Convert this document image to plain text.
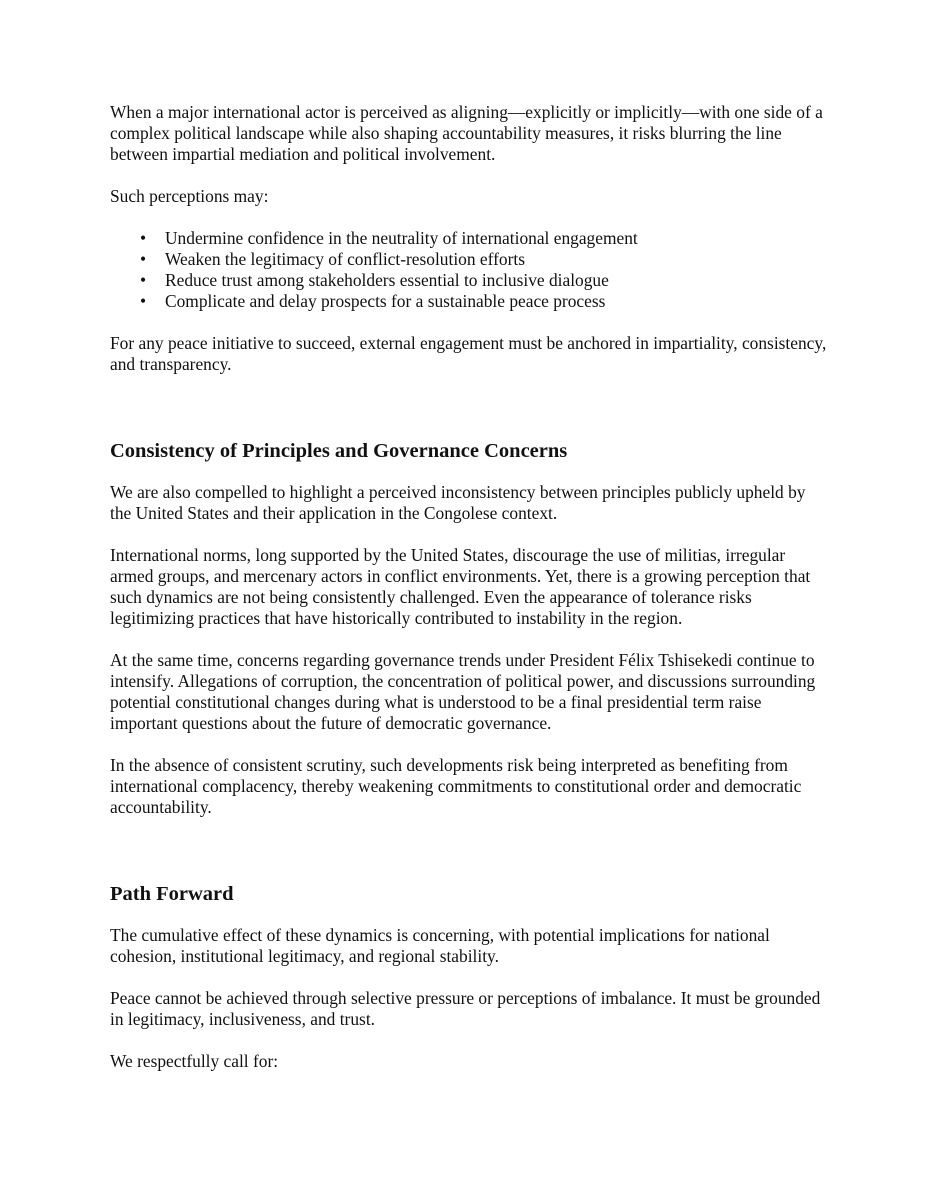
When a major international actor is perceived as aligning—explicitly or implicitly—with one side of a complex political landscape while also shaping accountability measures, it risks blurring the line between impartial mediation and political involvement.

Such perceptions may:

• Undermine confidence in the neutrality of international engagement
• Weaken the legitimacy of conflict-resolution efforts
• Reduce trust among stakeholders essential to inclusive dialogue
• Complicate and delay prospects for a sustainable peace process

For any peace initiative to succeed, external engagement must be anchored in impartiality, consistency, and transparency.

Consistency of Principles and Governance Concerns

We are also compelled to highlight a perceived inconsistency between principles publicly upheld by the United States and their application in the Congolese context.

International norms, long supported by the United States, discourage the use of militias, irregular armed groups, and mercenary actors in conflict environments. Yet, there is a growing perception that such dynamics are not being consistently challenged. Even the appearance of tolerance risks legitimizing practices that have historically contributed to instability in the region.

At the same time, concerns regarding governance trends under President Félix Tshisekedi continue to intensify. Allegations of corruption, the concentration of political power, and discussions surrounding potential constitutional changes during what is understood to be a final presidential term raise important questions about the future of democratic governance.

In the absence of consistent scrutiny, such developments risk being interpreted as benefiting from international complacency, thereby weakening commitments to constitutional order and democratic accountability.

Path Forward

The cumulative effect of these dynamics is concerning, with potential implications for national cohesion, institutional legitimacy, and regional stability.

Peace cannot be achieved through selective pressure or perceptions of imbalance. It must be grounded in legitimacy, inclusiveness, and trust.

We respectfully call for:
